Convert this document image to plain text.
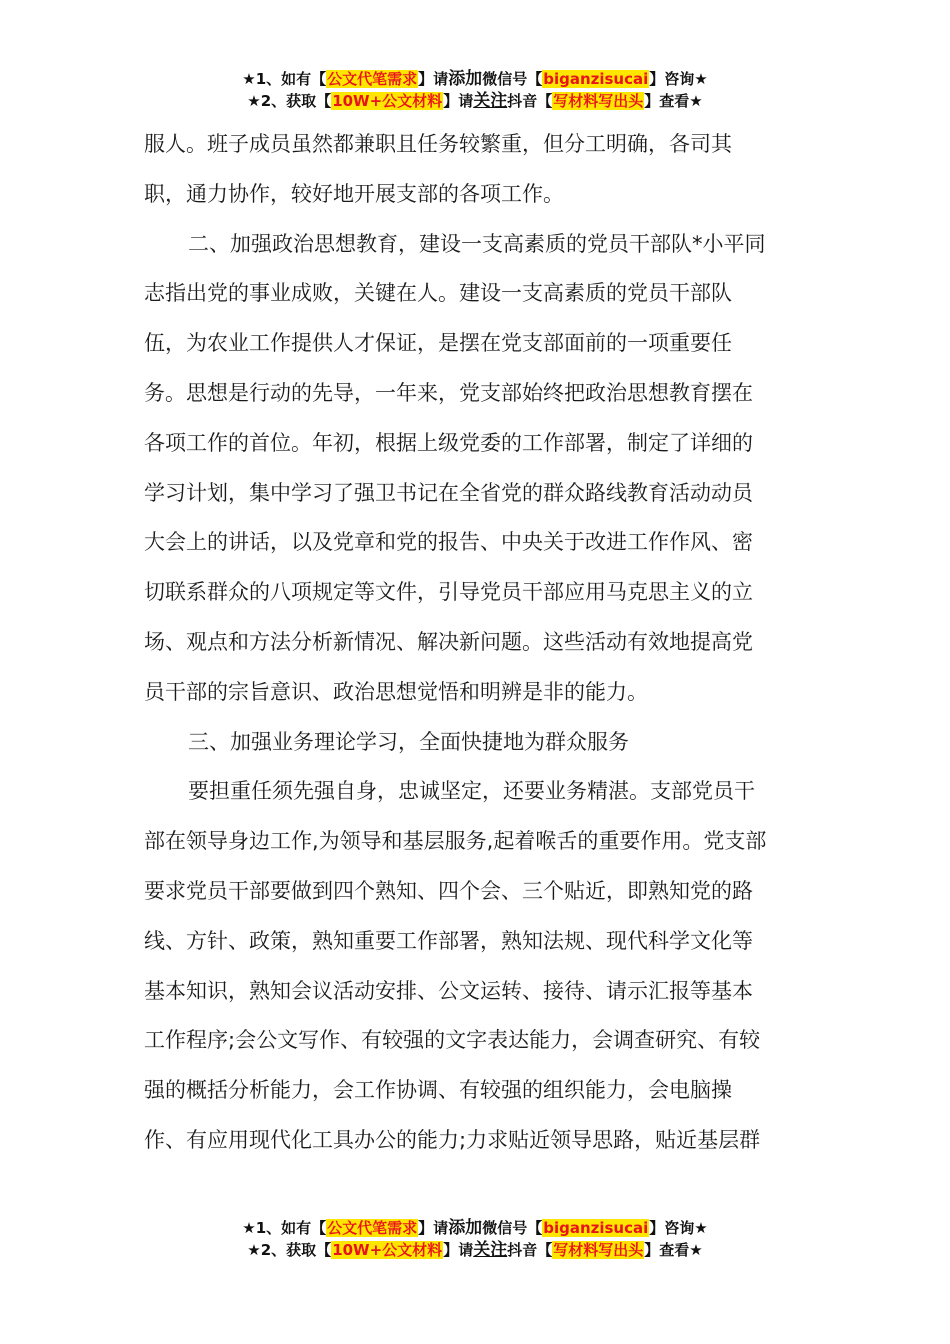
★1、如有【公文代笔需求】请添加微信号【biganzisucai】咨询★
★2、获取【10W+公文材料】请关注抖音【写材料写出头】查看★

服人。班子成员虽然都兼职且任务较繁重，但分工明确，各司其

职，通力协作，较好地开展支部的各项工作。

二、加强政治思想教育，建设一支高素质的党员干部队*小平同

志指出党的事业成败，关键在人。建设一支高素质的党员干部队

伍，为农业工作提供人才保证，是摆在党支部面前的一项重要任

务。思想是行动的先导，一年来，党支部始终把政治思想教育摆在

各项工作的首位。年初，根据上级党委的工作部署，制定了详细的

学习计划，集中学习了强卫书记在全省党的群众路线教育活动动员

大会上的讲话，以及党章和党的报告、中央关于改进工作作风、密

切联系群众的八项规定等文件，引导党员干部应用马克思主义的立

场、观点和方法分析新情况、解决新问题。这些活动有效地提高党

员干部的宗旨意识、政治思想觉悟和明辨是非的能力。

三、加强业务理论学习，全面快捷地为群众服务

要担重任须先强自身，忠诚坚定，还要业务精湛。支部党员干

部在领导身边工作,为领导和基层服务,起着喉舌的重要作用。党支部

要求党员干部要做到四个熟知、四个会、三个贴近，即熟知党的路

线、方针、政策，熟知重要工作部署，熟知法规、现代科学文化等

基本知识，熟知会议活动安排、公文运转、接待、请示汇报等基本

工作程序;会公文写作、有较强的文字表达能力，会调查研究、有较

强的概括分析能力，会工作协调、有较强的组织能力，会电脑操

作、有应用现代化工具办公的能力;力求贴近领导思路，贴近基层群

★1、如有【公文代笔需求】请添加微信号【biganzisucai】咨询★
★2、获取【10W+公文材料】请关注抖音【写材料写出头】查看★
